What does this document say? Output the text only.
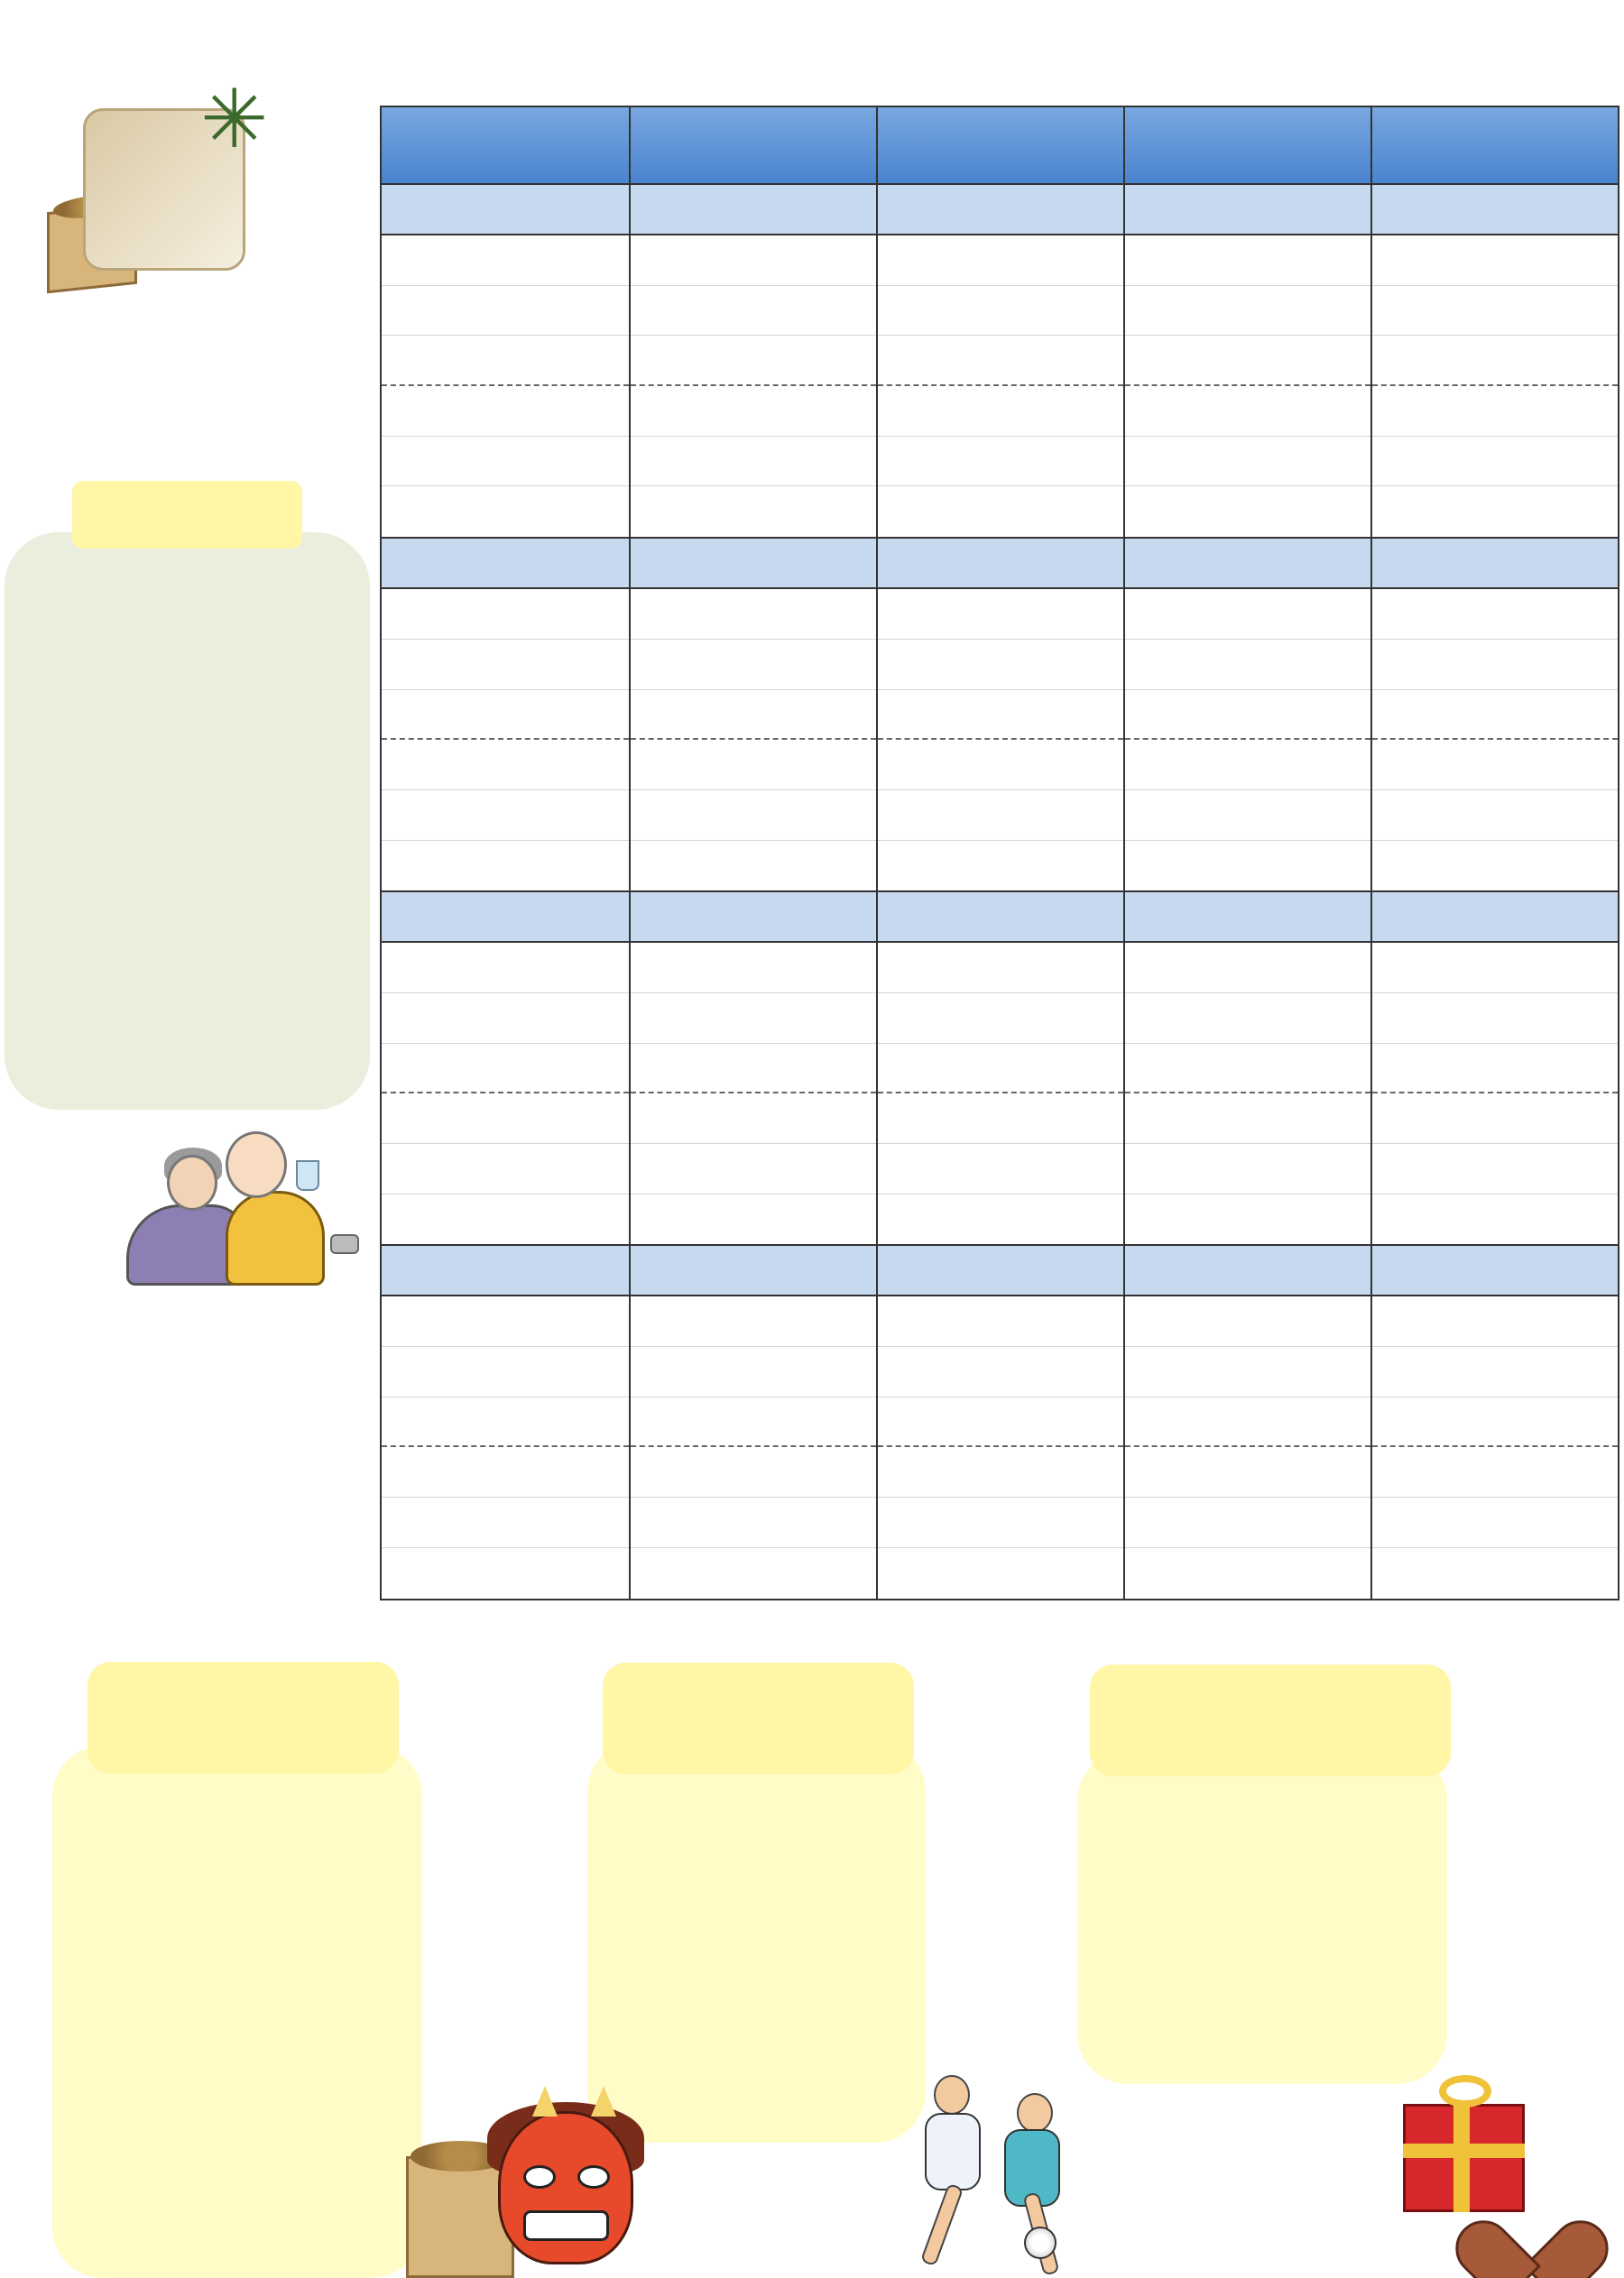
✳
